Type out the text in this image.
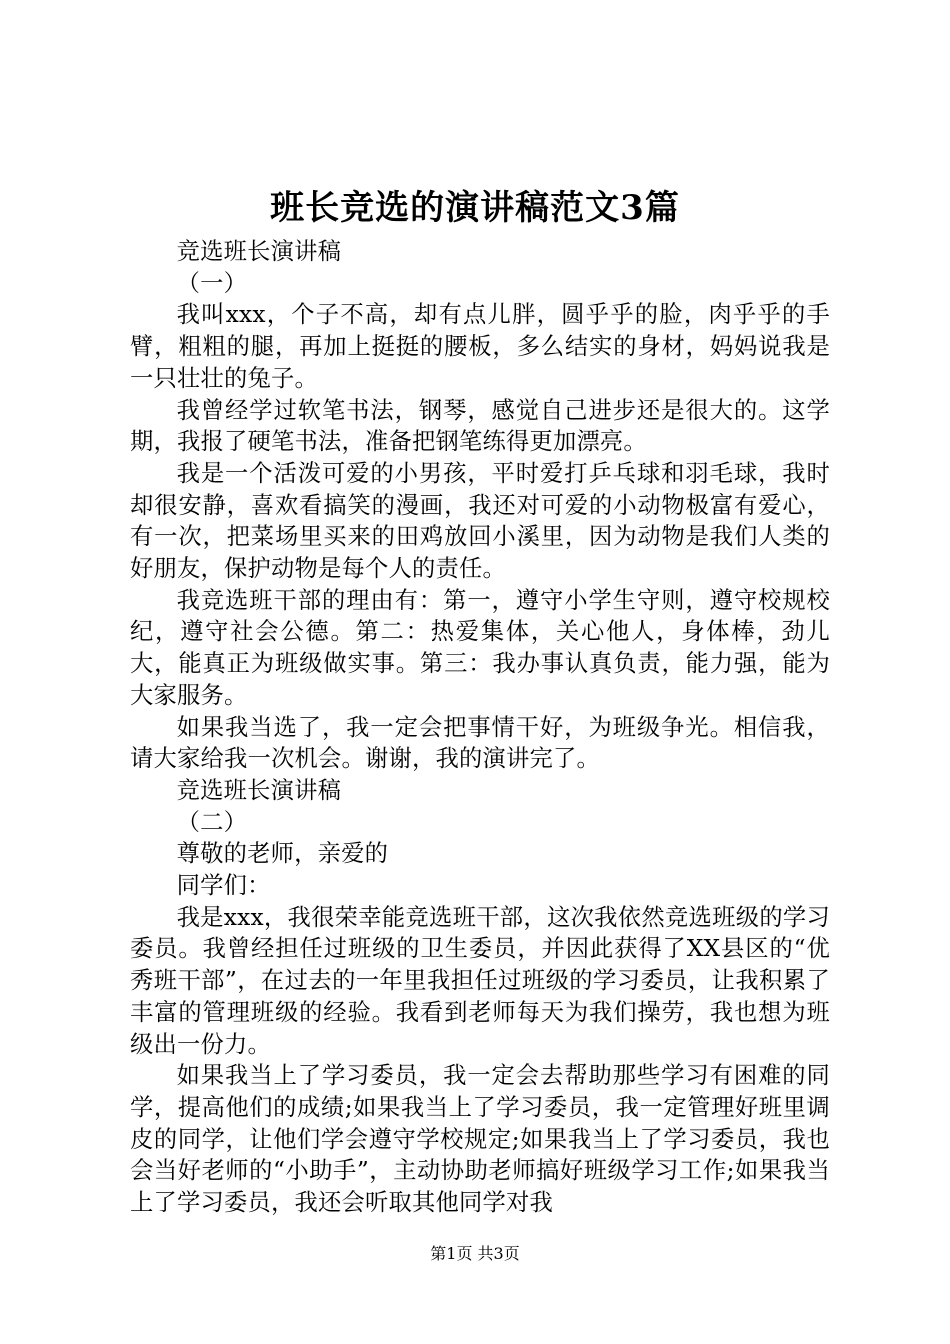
班长竞选的演讲稿范文3篇

竞选班长演讲稿

（一）

我叫xxx，个子不高，却有点儿胖，圆乎乎的脸，肉乎乎的手臂，粗粗的腿，再加上挺挺的腰板，多么结实的身材，妈妈说我是一只壮壮的兔子。

我曾经学过软笔书法，钢琴，感觉自己进步还是很大的。这学期，我报了硬笔书法，准备把钢笔练得更加漂亮。

我是一个活泼可爱的小男孩，平时爱打乒乓球和羽毛球，我时却很安静，喜欢看搞笑的漫画，我还对可爱的小动物极富有爱心，有一次，把菜场里买来的田鸡放回小溪里，因为动物是我们人类的好朋友，保护动物是每个人的责任。

我竞选班干部的理由有：第一，遵守小学生守则，遵守校规校纪，遵守社会公德。第二：热爱集体，关心他人，身体棒，劲儿大，能真正为班级做实事。第三：我办事认真负责，能力强，能为大家服务。

如果我当选了，我一定会把事情干好，为班级争光。相信我，请大家给我一次机会。谢谢，我的演讲完了。

竞选班长演讲稿

（二）

尊敬的老师，亲爱的

同学们：

我是xxx，我很荣幸能竞选班干部，这次我依然竞选班级的学习委员。我曾经担任过班级的卫生委员，并因此获得了XX县区的“优秀班干部”，在过去的一年里我担任过班级的学习委员，让我积累了丰富的管理班级的经验。我看到老师每天为我们操劳，我也想为班级出一份力。

如果我当上了学习委员，我一定会去帮助那些学习有困难的同学，提高他们的成绩;如果我当上了学习委员，我一定管理好班里调皮的同学，让他们学会遵守学校规定;如果我当上了学习委员，我也会当好老师的“小助手”，主动协助老师搞好班级学习工作;如果我当上了学习委员，我还会听取其他同学对我

第1页 共3页
